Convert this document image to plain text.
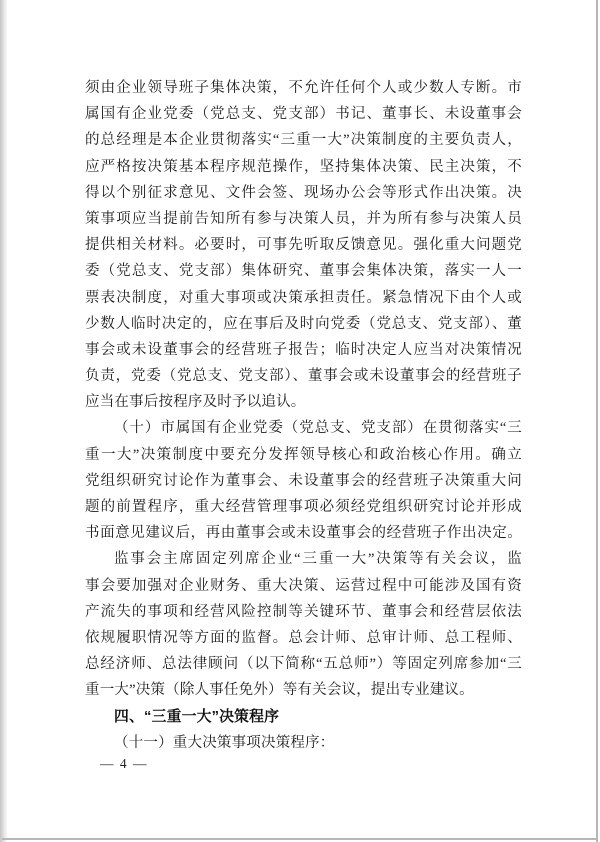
须由企业领导班子集体决策，不允许任何个人或少数人专断。市
属国有企业党委（党总支、党支部）书记、董事长、未设董事会
的总经理是本企业贯彻落实“三重一大”决策制度的主要负责人，
应严格按决策基本程序规范操作，坚持集体决策、民主决策，不
得以个别征求意见、文件会签、现场办公会等形式作出决策。决
策事项应当提前告知所有参与决策人员，并为所有参与决策人员
提供相关材料。必要时，可事先听取反馈意见。强化重大问题党
委（党总支、党支部）集体研究、董事会集体决策，落实一人一
票表决制度，对重大事项或决策承担责任。紧急情况下由个人或
少数人临时决定的，应在事后及时向党委（党总支、党支部）、董
事会或未设董事会的经营班子报告；临时决定人应当对决策情况
负责，党委（党总支、党支部）、董事会或未设董事会的经营班子
应当在事后按程序及时予以追认。
（十）市属国有企业党委（党总支、党支部）在贯彻落实“三
重一大”决策制度中要充分发挥领导核心和政治核心作用。确立
党组织研究讨论作为董事会、未设董事会的经营班子决策重大问
题的前置程序，重大经营管理事项必须经党组织研究讨论并形成
书面意见建议后，再由董事会或未设董事会的经营班子作出决定。
监事会主席固定列席企业“三重一大”决策等有关会议，监
事会要加强对企业财务、重大决策、运营过程中可能涉及国有资
产流失的事项和经营风险控制等关键环节、董事会和经营层依法
依规履职情况等方面的监督。总会计师、总审计师、总工程师、
总经济师、总法律顾问（以下简称“五总师”）等固定列席参加“三
重一大”决策（除人事任免外）等有关会议，提出专业建议。
四、“三重一大”决策程序
（十一）重大决策事项决策程序：
— 4 —
